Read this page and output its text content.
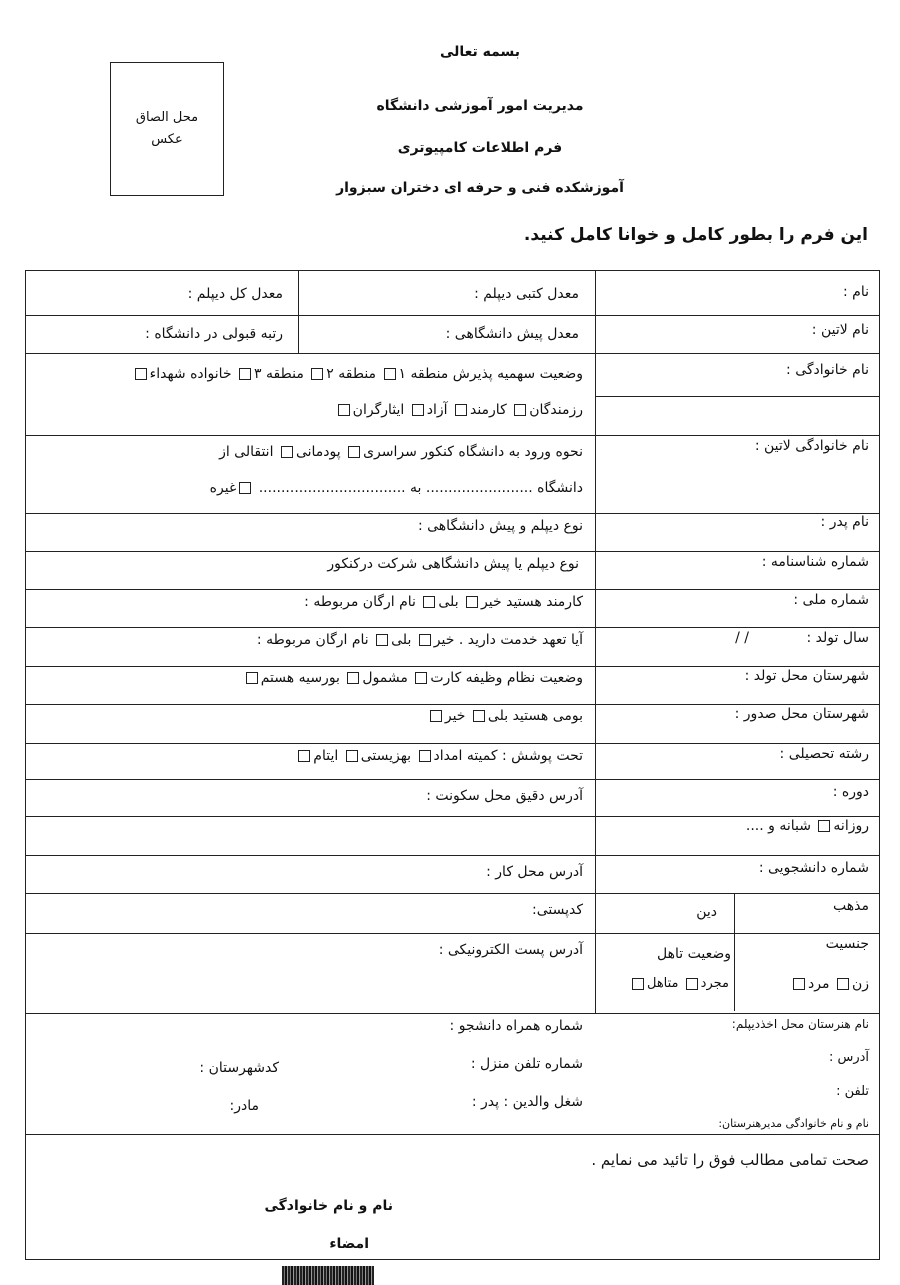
محل الصاق
عکس
بسمه تعالی
مدیریت امور آموزشی دانشگاه
فرم اطلاعات کامپیوتری
آموزشکده فنی و حرفه ای دختران سبزوار
این فرم را بطور کامل و خوانا کامل کنید.
نام :
نام لاتین :
نام خانوادگی :
نام خانوادگی لاتین :
نام پدر :
شماره شناسنامه :
شماره ملی :
سال تولد :
/ /
شهرستان محل تولد :
شهرستان محل صدور :
رشته تحصیلی :
دوره :
روزانه شبانه و ....
شماره دانشجویی :
مذهب
دین
جنسیت
زن مرد
وضعیت تاهل
مجرد متاهل
نام هنرستان محل اخذدیپلم:
آدرس :
تلفن :
نام و نام خانوادگی مدیرهنرستان:
معدل کتبی دیپلم :
معدل کل دیپلم :
معدل پیش دانشگاهی :
رتبه قبولی در دانشگاه :
وضعیت سهمیه پذیرش منطقه ۱ منطقه ۲ منطقه ۳ خانواده شهداء
رزمندگان کارمند آزاد ایثارگران
نحوه ورود به دانشگاه کنکور سراسری پودمانی انتقالی از
دانشگاه ........................ به ................................. غیره
نوع دیپلم و پیش دانشگاهی :
نوع دیپلم یا پیش دانشگاهی شرکت درکنکور
کارمند هستید خیر بلی نام ارگان مربوطه :
آیا تعهد خدمت دارید . خیر بلی نام ارگان مربوطه :
وضعیت نظام وظیفه کارت مشمول بورسیه هستم
بومی هستید بلی خیر
تحت پوشش : کمیته امداد بهزیستی ایتام
آدرس دقیق محل سکونت :
آدرس محل کار :
کدپستی:
آدرس پست الکترونیکی :
شماره همراه دانشجو :
شماره تلفن منزل :
کدشهرستان :
شغل والدین : پدر :
مادر:
صحت تمامی مطالب فوق را تائید می نمایم .
نام و نام خانوادگی
امضاء
